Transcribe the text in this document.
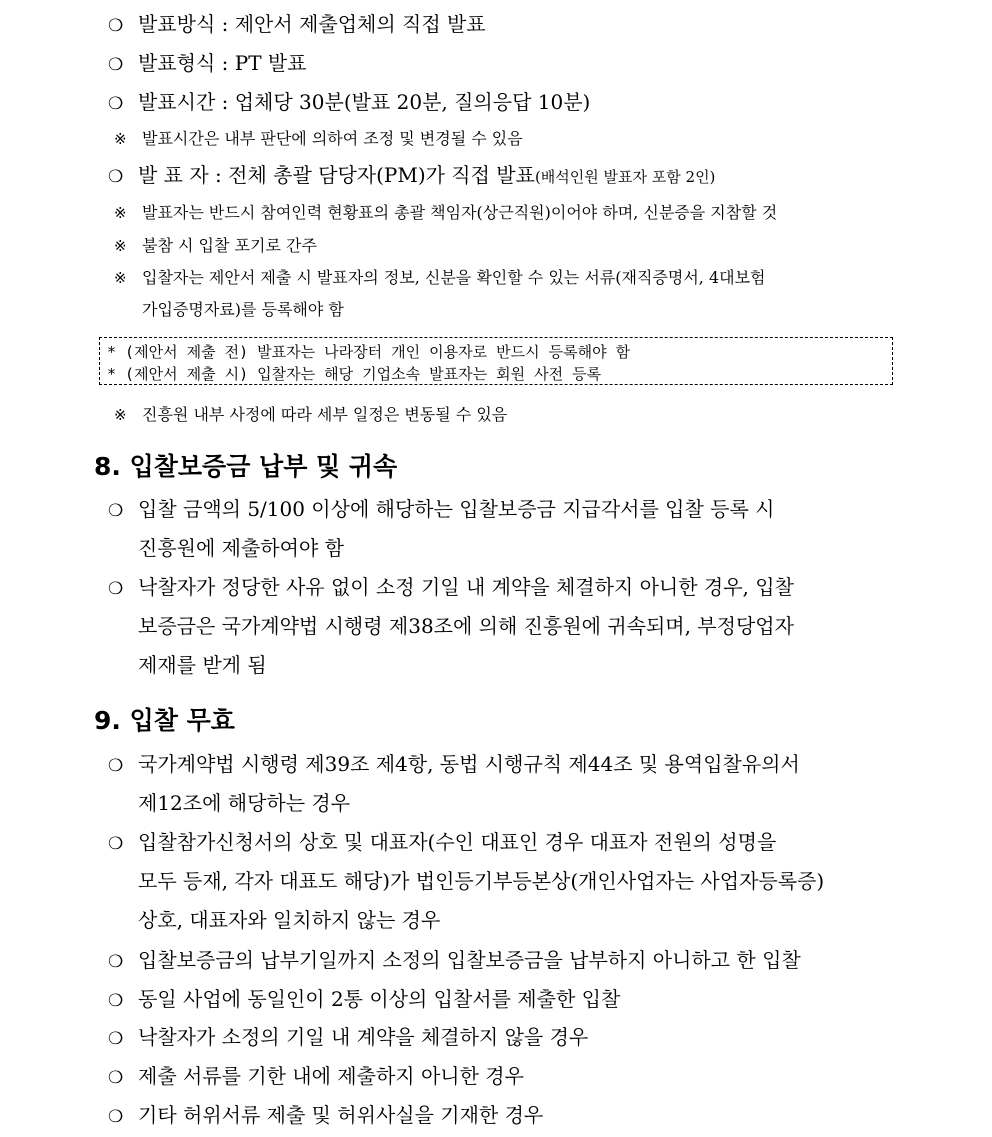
❍ 발표방식 : 제안서 제출업체의 직접 발표
❍ 발표형식 : PT 발표
❍ 발표시간 : 업체당 30분(발표 20분, 질의응답 10분)
※ 발표시간은 내부 판단에 의하여 조정 및 변경될 수 있음
❍ 발 표 자 : 전체 총괄 담당자(PM)가 직접 발표(배석인원 발표자 포함 2인)
※ 발표자는 반드시 참여인력 현황표의 총괄 책임자(상근직원)이어야 하며, 신분증을 지참할 것
※ 불참 시 입찰 포기로 간주
※ 입찰자는 제안서 제출 시 발표자의 정보, 신분을 확인할 수 있는 서류(재직증명서, 4대보험
가입증명자료)를 등록해야 함
* (제안서 제출 전) 발표자는 나라장터 개인 이용자로 반드시 등록해야 함
* (제안서 제출 시) 입찰자는 해당 기업소속 발표자는 회원 사전 등록
※ 진흥원 내부 사정에 따라 세부 일정은 변동될 수 있음
8. 입찰보증금 납부 및 귀속
❍ 입찰 금액의 5/100 이상에 해당하는 입찰보증금 지급각서를 입찰 등록 시
진흥원에 제출하여야 함
❍ 낙찰자가 정당한 사유 없이 소정 기일 내 계약을 체결하지 아니한 경우, 입찰
보증금은 국가계약법 시행령 제38조에 의해 진흥원에 귀속되며, 부정당업자
제재를 받게 됨
9. 입찰 무효
❍ 국가계약법 시행령 제39조 제4항, 동법 시행규칙 제44조 및 용역입찰유의서
제12조에 해당하는 경우
❍ 입찰참가신청서의 상호 및 대표자(수인 대표인 경우 대표자 전원의 성명을
모두 등재, 각자 대표도 해당)가 법인등기부등본상(개인사업자는 사업자등록증)
상호, 대표자와 일치하지 않는 경우
❍ 입찰보증금의 납부기일까지 소정의 입찰보증금을 납부하지 아니하고 한 입찰
❍ 동일 사업에 동일인이 2통 이상의 입찰서를 제출한 입찰
❍ 낙찰자가 소정의 기일 내 계약을 체결하지 않을 경우
❍ 제출 서류를 기한 내에 제출하지 아니한 경우
❍ 기타 허위서류 제출 및 허위사실을 기재한 경우
